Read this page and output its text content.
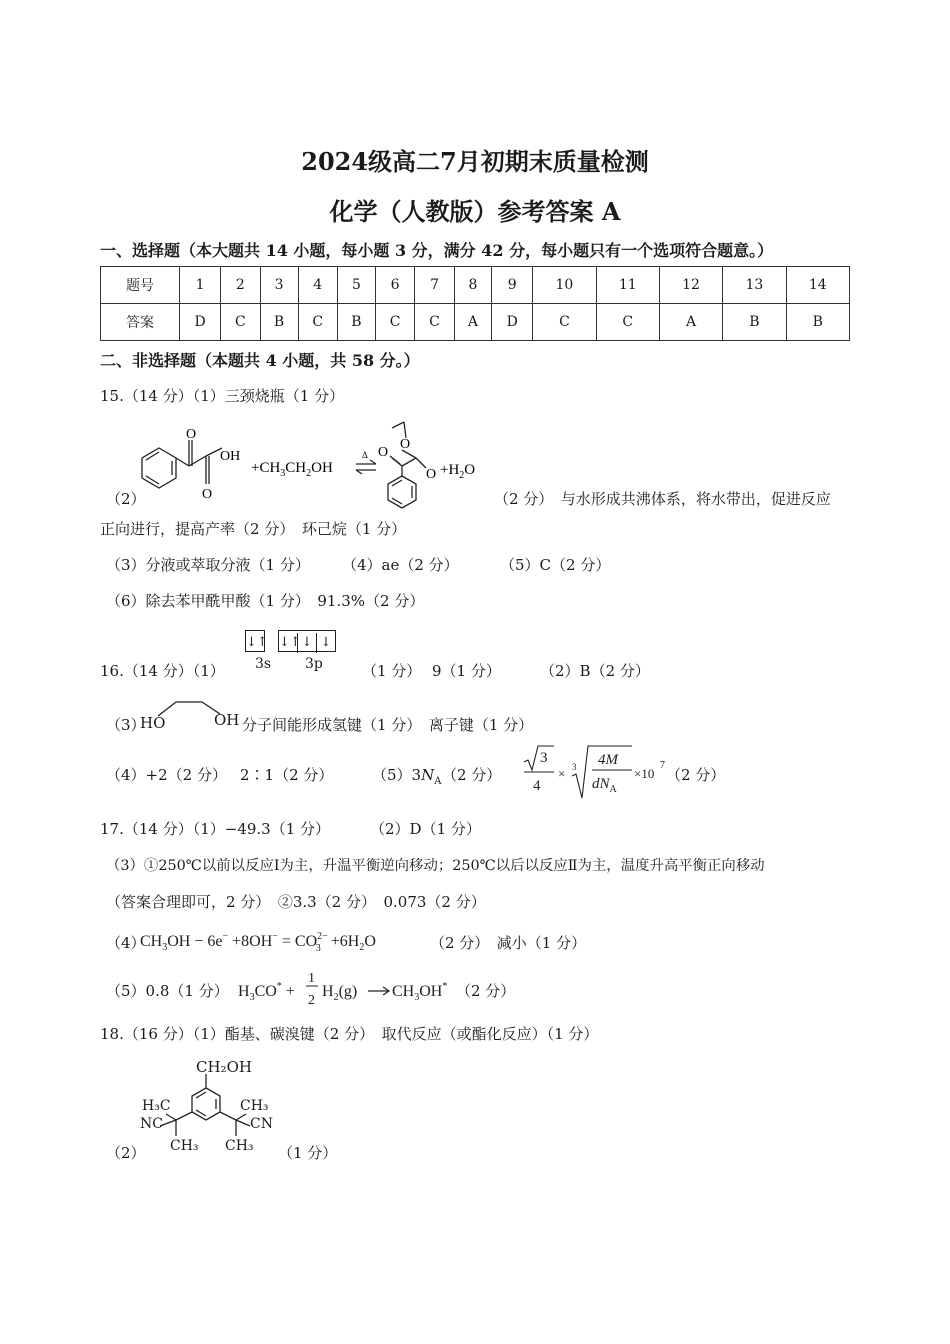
2024级高二7月初期末质量检测
化学（人教版）参考答案 A
一、选择题（本大题共 14 小题，每小题 3 分，满分 42 分，每小题只有一个选项符合题意。）
题号	1	2	3	4	5	6	7	8	9	10	11	12	13	14
答案	D	C	B	C	B	C	C	A	D	C	C	A	B	B
二、非选择题（本题共 4 小题，共 58 分。）
15.（14 分）（1）三颈烧瓶（1 分）
（2）
O
O
OH
$+CH_3CH_2OH$
Δ
O
O
$O +H_2O$
（2 分）　与水形成共沸体系，将水带出，促进反应
正向进行，提高产率（2 分）　环己烷（1 分）
（3）分液或萃取分液（1 分） （4）ae（2 分）	（5）C（2 分）
（6）除去苯甲酰甲酸（1 分）　91.3%（2 分）
16.（14 分）（1）
↓↑ ↓↑↓ ↓
3s 3p	（1 分） 9（1 分）	（2）B（2 分）
（3）
HO	OH 分子间能形成氢键（1 分）　离子键（1 分）
（4）+2（2 分） 2∶1（2 分）	$(5)3N_A$ （2 分）
3
4
× 3 4M
$dN_A$
×10
7
（2 分）
17.（14 分）（1）−49.3（1 分）	（2）D（1 分）
（3）①250℃以前以反应Ⅰ为主，升温平衡逆向移动；250℃以后以反应Ⅱ为主，温度升高平衡正向移动
（答案合理即可，2 分）　②3.3（2 分）　0.073（2 分）
（4）
$CH_3OH - 6e^- +8OH^- = CO^{2-}$ $3 +6H_2O$	（2 分）　减小（1 分）
（5）0.8（1 分） $H_3CO^*$ +
1
2
$H_2(g)$ $CH_3OH^*$ （2 分）
18.（16 分）（1）酯基、碳溴键（2 分）　取代反应（或酯化反应）（1 分）
（2）
CH₂OH
H₃C
NC
CH₃
CH₃
CN
CH₃ （1 分）
